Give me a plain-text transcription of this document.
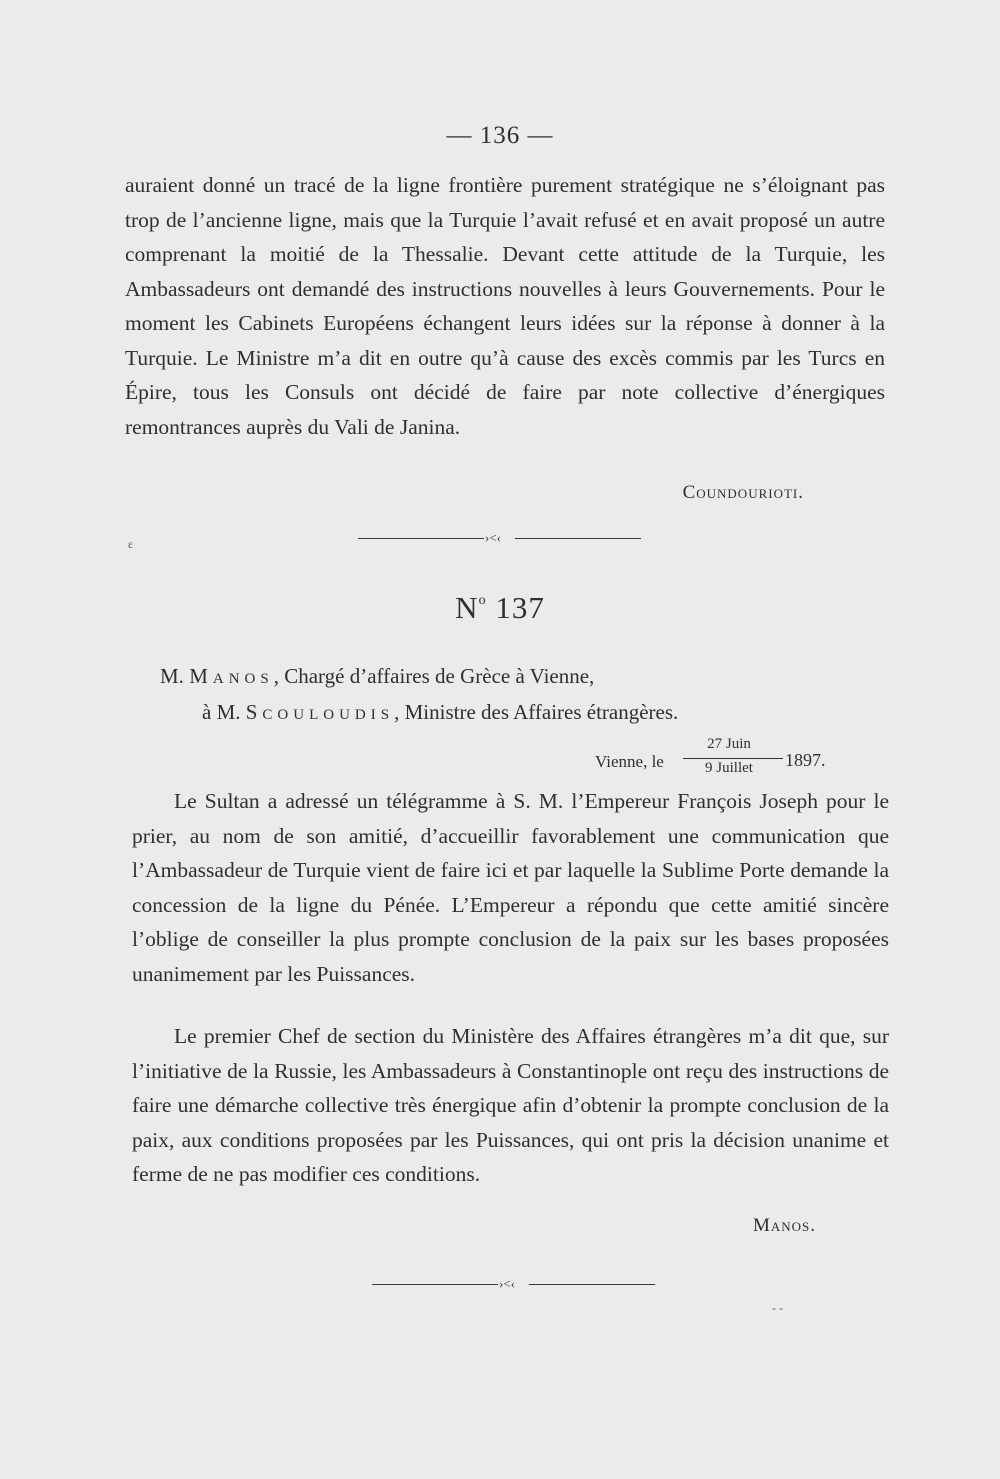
— 136 —

auraient donné un tracé de la ligne frontière purement stratégique ne s’éloignant pas trop de l’ancienne ligne, mais que la Turquie l’avait refusé et en avait proposé un autre comprenant la moitié de la Thessalie. Devant cette attitude de la Turquie, les Ambassadeurs ont demandé des instructions nouvelles à leurs Gouvernements. Pour le moment les Cabinets Européens échangent leurs idées sur la réponse à donner à la Turquie. Le Ministre m’a dit en outre qu’à cause des excès commis par les Turcs en Épire, tous les Consuls ont décidé de faire par note collective d’énergiques remontrances auprès du Vali de Janina.

Coundourioti.
›<‹
ε
$N^o$ 137
M. Manos, Chargé d’affaires de Grèce à Vienne,
à M. Scouloudis, Ministre des Affaires étrangères.
Vienne, le
27 Juin
9 Juillet	1897.

Le Sultan a adressé un télégramme à S. M. l’Empereur François Joseph pour le prier, au nom de son amitié, d’accueillir favorablement une communication que l’Ambassadeur de Turquie vient de faire ici et par laquelle la Sublime Porte demande la concession de la ligne du Pénée. L’Empereur a répondu que cette amitié sincère l’oblige de conseiller la plus prompte conclusion de la paix sur les bases proposées unanimement par les Puissances.

Le premier Chef de section du Ministère des Affaires étrangères m’a dit que, sur l’initiative de la Russie, les Ambassadeurs à Constantinople ont reçu des instructions de faire une démarche collective très énergique afin d’obtenir la prompte conclusion de la paix, aux conditions proposées par les Puissances, qui ont pris la décision unanime et ferme de ne pas modifier ces conditions.

Manos.
›<‹
- -
